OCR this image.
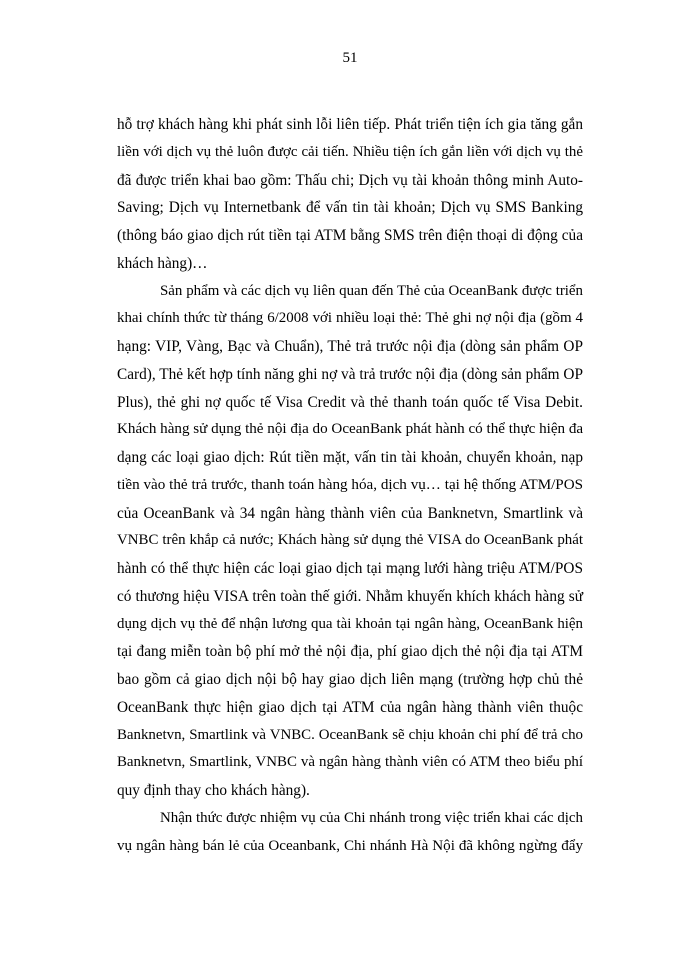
51
hỗ trợ khách hàng khi phát sinh lỗi liên tiếp. Phát triển tiện ích gia tăng gắn
liền với dịch vụ thẻ luôn được cải tiến. Nhiều tiện ích gắn liền với dịch vụ thẻ
đã được triển khai bao gồm: Thấu chi; Dịch vụ tài khoản thông minh Auto-
Saving; Dịch vụ Internetbank để vấn tin tài khoản; Dịch vụ SMS Banking
(thông báo giao dịch rút tiền tại ATM bằng SMS trên điện thoại di động của
khách hàng)…
Sản phẩm và các dịch vụ liên quan đến Thẻ của OceanBank được triển
khai chính thức từ tháng 6/2008 với nhiều loại thẻ: Thẻ ghi nợ nội địa (gồm 4
hạng: VIP, Vàng, Bạc và Chuẩn), Thẻ trả trước nội địa (dòng sản phẩm OP
Card), Thẻ kết hợp tính năng ghi nợ và trả trước nội địa (dòng sản phẩm OP
Plus), thẻ ghi nợ quốc tế Visa Credit và thẻ thanh toán quốc tế Visa Debit.
Khách hàng sử dụng thẻ nội địa do OceanBank phát hành có thể thực hiện đa
dạng các loại giao dịch: Rút tiền mặt, vấn tin tài khoản, chuyển khoản, nạp
tiền vào thẻ trả trước, thanh toán hàng hóa, dịch vụ… tại hệ thống ATM/POS
của OceanBank và 34 ngân hàng thành viên của Banknetvn, Smartlink và
VNBC trên khắp cả nước; Khách hàng sử dụng thẻ VISA do OceanBank phát
hành có thể thực hiện các loại giao dịch tại mạng lưới hàng triệu ATM/POS
có thương hiệu VISA trên toàn thế giới. Nhằm khuyến khích khách hàng sử
dụng dịch vụ thẻ để nhận lương qua tài khoản tại ngân hàng, OceanBank hiện
tại đang miễn toàn bộ phí mở thẻ nội địa, phí giao dịch thẻ nội địa tại ATM
bao gồm cả giao dịch nội bộ hay giao dịch liên mạng (trường hợp chủ thẻ
OceanBank thực hiện giao dịch tại ATM của ngân hàng thành viên thuộc
Banknetvn, Smartlink và VNBC. OceanBank sẽ chịu khoản chi phí để trả cho
Banknetvn, Smartlink, VNBC và ngân hàng thành viên có ATM theo biểu phí
quy định thay cho khách hàng).
Nhận thức được nhiệm vụ của Chi nhánh trong việc triển khai các dịch
vụ ngân hàng bán lẻ của Oceanbank, Chi nhánh Hà Nội đã không ngừng đẩy
